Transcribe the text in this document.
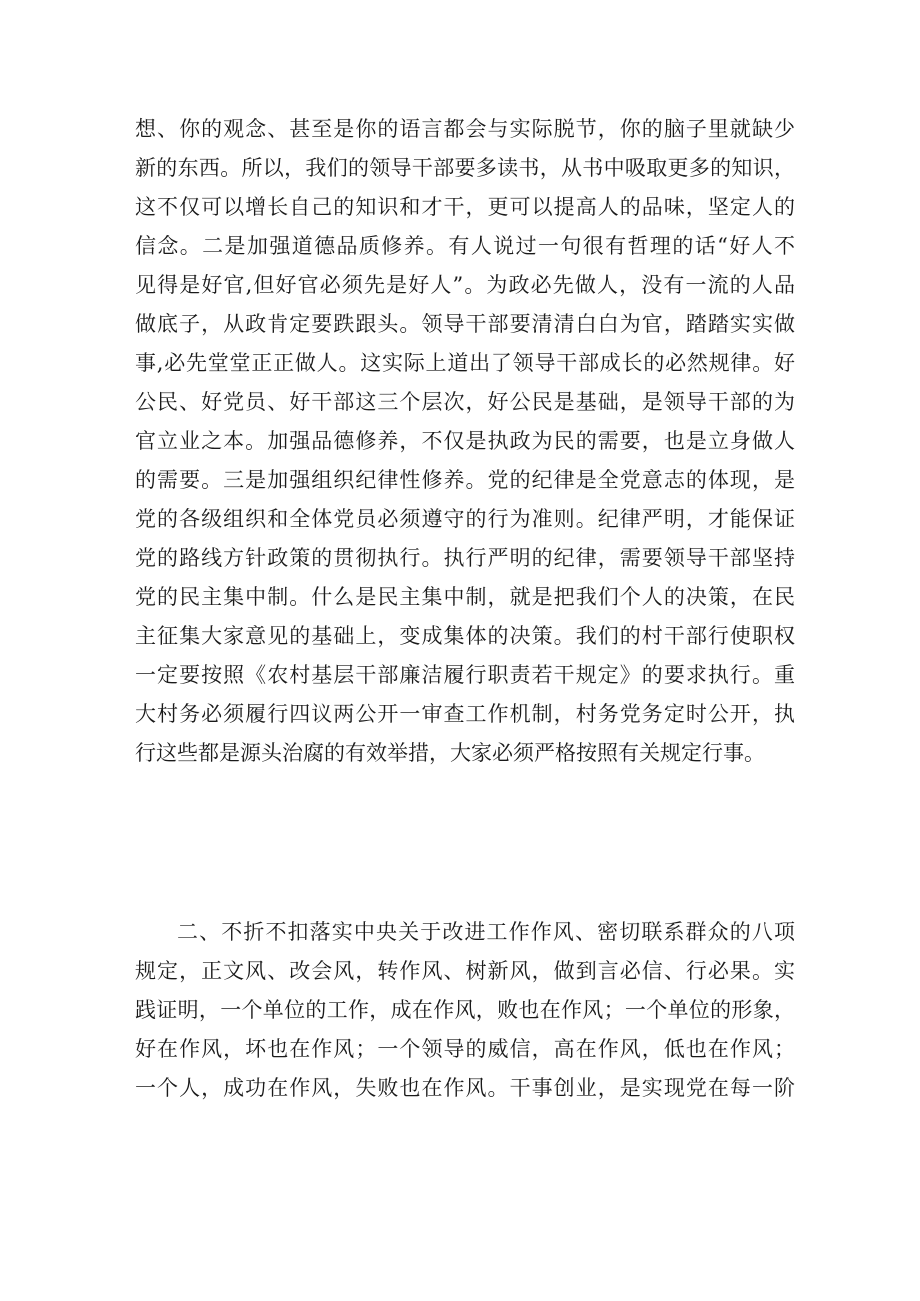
想、你的观念、甚至是你的语言都会与实际脱节，你的脑子里就缺少
新的东西。所以，我们的领导干部要多读书，从书中吸取更多的知识，
这不仅可以增长自己的知识和才干，更可以提高人的品味，坚定人的
信念。二是加强道德品质修养。有人说过一句很有哲理的话“好人不
见得是好官,但好官必须先是好人”。为政必先做人，没有一流的人品
做底子，从政肯定要跌跟头。领导干部要清清白白为官，踏踏实实做
事,必先堂堂正正做人。这实际上道出了领导干部成长的必然规律。好
公民、好党员、好干部这三个层次，好公民是基础，是领导干部的为
官立业之本。加强品德修养，不仅是执政为民的需要，也是立身做人
的需要。三是加强组织纪律性修养。党的纪律是全党意志的体现，是
党的各级组织和全体党员必须遵守的行为准则。纪律严明，才能保证
党的路线方针政策的贯彻执行。执行严明的纪律，需要领导干部坚持
党的民主集中制。什么是民主集中制，就是把我们个人的决策，在民
主征集大家意见的基础上，变成集体的决策。我们的村干部行使职权
一定要按照《农村基层干部廉洁履行职责若干规定》的要求执行。重
大村务必须履行四议两公开一审查工作机制，村务党务定时公开，执
行这些都是源头治腐的有效举措，大家必须严格按照有关规定行事。
二、不折不扣落实中央关于改进工作作风、密切联系群众的八项
规定，正文风、改会风，转作风、树新风，做到言必信、行必果。实
践证明，一个单位的工作，成在作风，败也在作风；一个单位的形象，
好在作风，坏也在作风；一个领导的威信，高在作风，低也在作风；
一个人，成功在作风，失败也在作风。干事创业，是实现党在每一阶
